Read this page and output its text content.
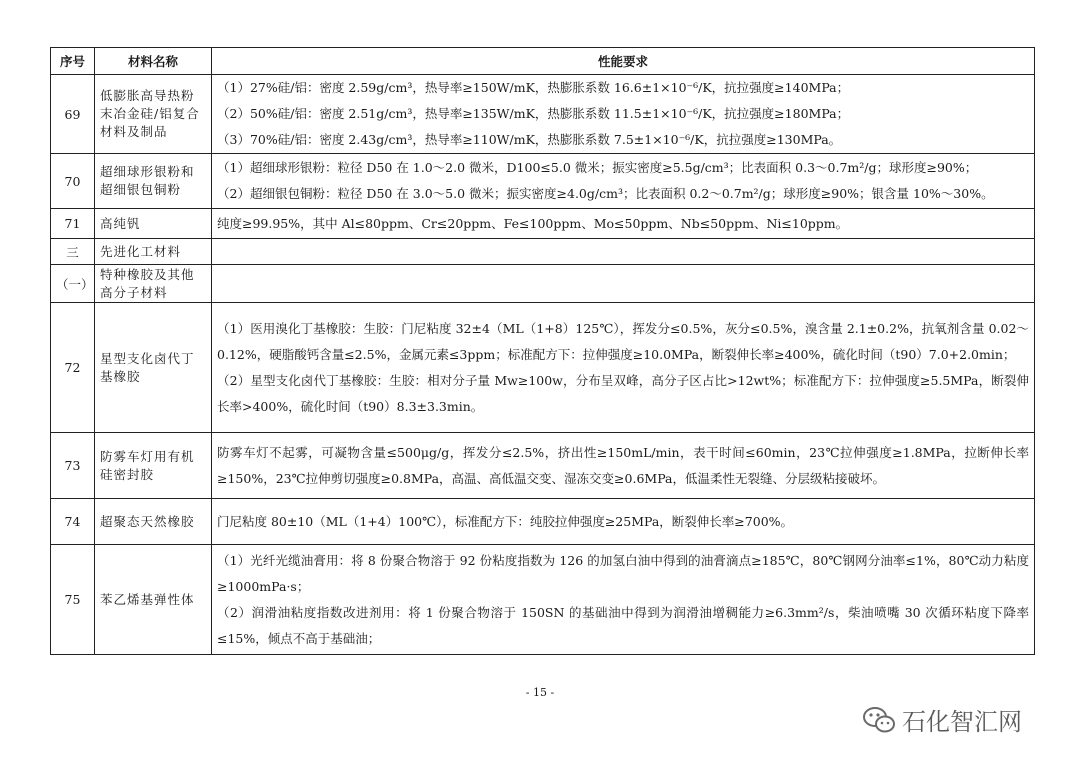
序号	材料名称	性能要求
69	低膨胀高导热粉末冶金硅/铝复合材料及制品	（1）27%硅/铝：密度 2.59g/cm³，热导率≥150W/mK，热膨胀系数 16.6±1×10⁻⁶/K，抗拉强度≥140MPa；
（2）50%硅/铝：密度 2.51g/cm³，热导率≥135W/mK，热膨胀系数 11.5±1×10⁻⁶/K，抗拉强度≥180MPa；
（3）70%硅/铝：密度 2.43g/cm³，热导率≥110W/mK，热膨胀系数 7.5±1×10⁻⁶/K，抗拉强度≥130MPa。

70	超细球形银粉和超细银包铜粉	（1）超细球形银粉：粒径 D50 在 1.0～2.0 微米，D100≤5.0 微米；振实密度≥5.5g/cm³；比表面积 0.3～0.7m²/g；球形度≥90%；
（2）超细银包铜粉：粒径 D50 在 3.0～5.0 微米；振实密度≥4.0g/cm³；比表面积 0.2～0.7m²/g；球形度≥90%；银含量 10%～30%。

71	高纯钒	纯度≥99.95%，其中 Al≤80ppm、Cr≤20ppm、Fe≤100ppm、Mo≤50ppm、Nb≤50ppm、Ni≤10ppm。

三	先进化工材料	
（一）	特种橡胶及其他高分子材料	
72	星型支化卤代丁基橡胶	（1）医用溴化丁基橡胶：生胶：门尼粘度 32±4（ML（1+8）125℃），挥发分≤0.5%，灰分≤0.5%，溴含量 2.1±0.2%，抗氧剂含量 0.02～0.12%，硬脂酸钙含量≤2.5%，金属元素≤3ppm；标准配方下：拉伸强度≥10.0MPa，断裂伸长率≥400%，硫化时间（t90）7.0+2.0min；
（2）星型支化卤代丁基橡胶：生胶：相对分子量 Mw≥100w，分布呈双峰，高分子区占比>12wt%；标准配方下：拉伸强度≥5.5MPa，断裂伸长率>400%，硫化时间（t90）8.3±3.3min。

73	防雾车灯用有机硅密封胶	防雾车灯不起雾，可凝物含量≤500μg/g，挥发分≤2.5%，挤出性≥150mL/min，表干时间≤60min，23℃拉伸强度≥1.8MPa，拉断伸长率≥150%，23℃拉伸剪切强度≥0.8MPa，高温、高低温交变、湿冻交变≥0.6MPa，低温柔性无裂缝、分层级粘接破坏。

74	超聚态天然橡胶	门尼粘度 80±10（ML（1+4）100℃），标准配方下：纯胶拉伸强度≥25MPa，断裂伸长率≥700%。

75	苯乙烯基弹性体	（1）光纤光缆油膏用：将 8 份聚合物溶于 92 份粘度指数为 126 的加氢白油中得到的油膏滴点≥185℃，80℃钢网分油率≤1%，80℃动力粘度≥1000mPa·s；
（2）润滑油粘度指数改进剂用：将 1 份聚合物溶于 150SN 的基础油中得到为润滑油增稠能力≥6.3mm²/s，柴油喷嘴 30 次循环粘度下降率≤15%，倾点不高于基础油；
- 15 -
石化智汇网
